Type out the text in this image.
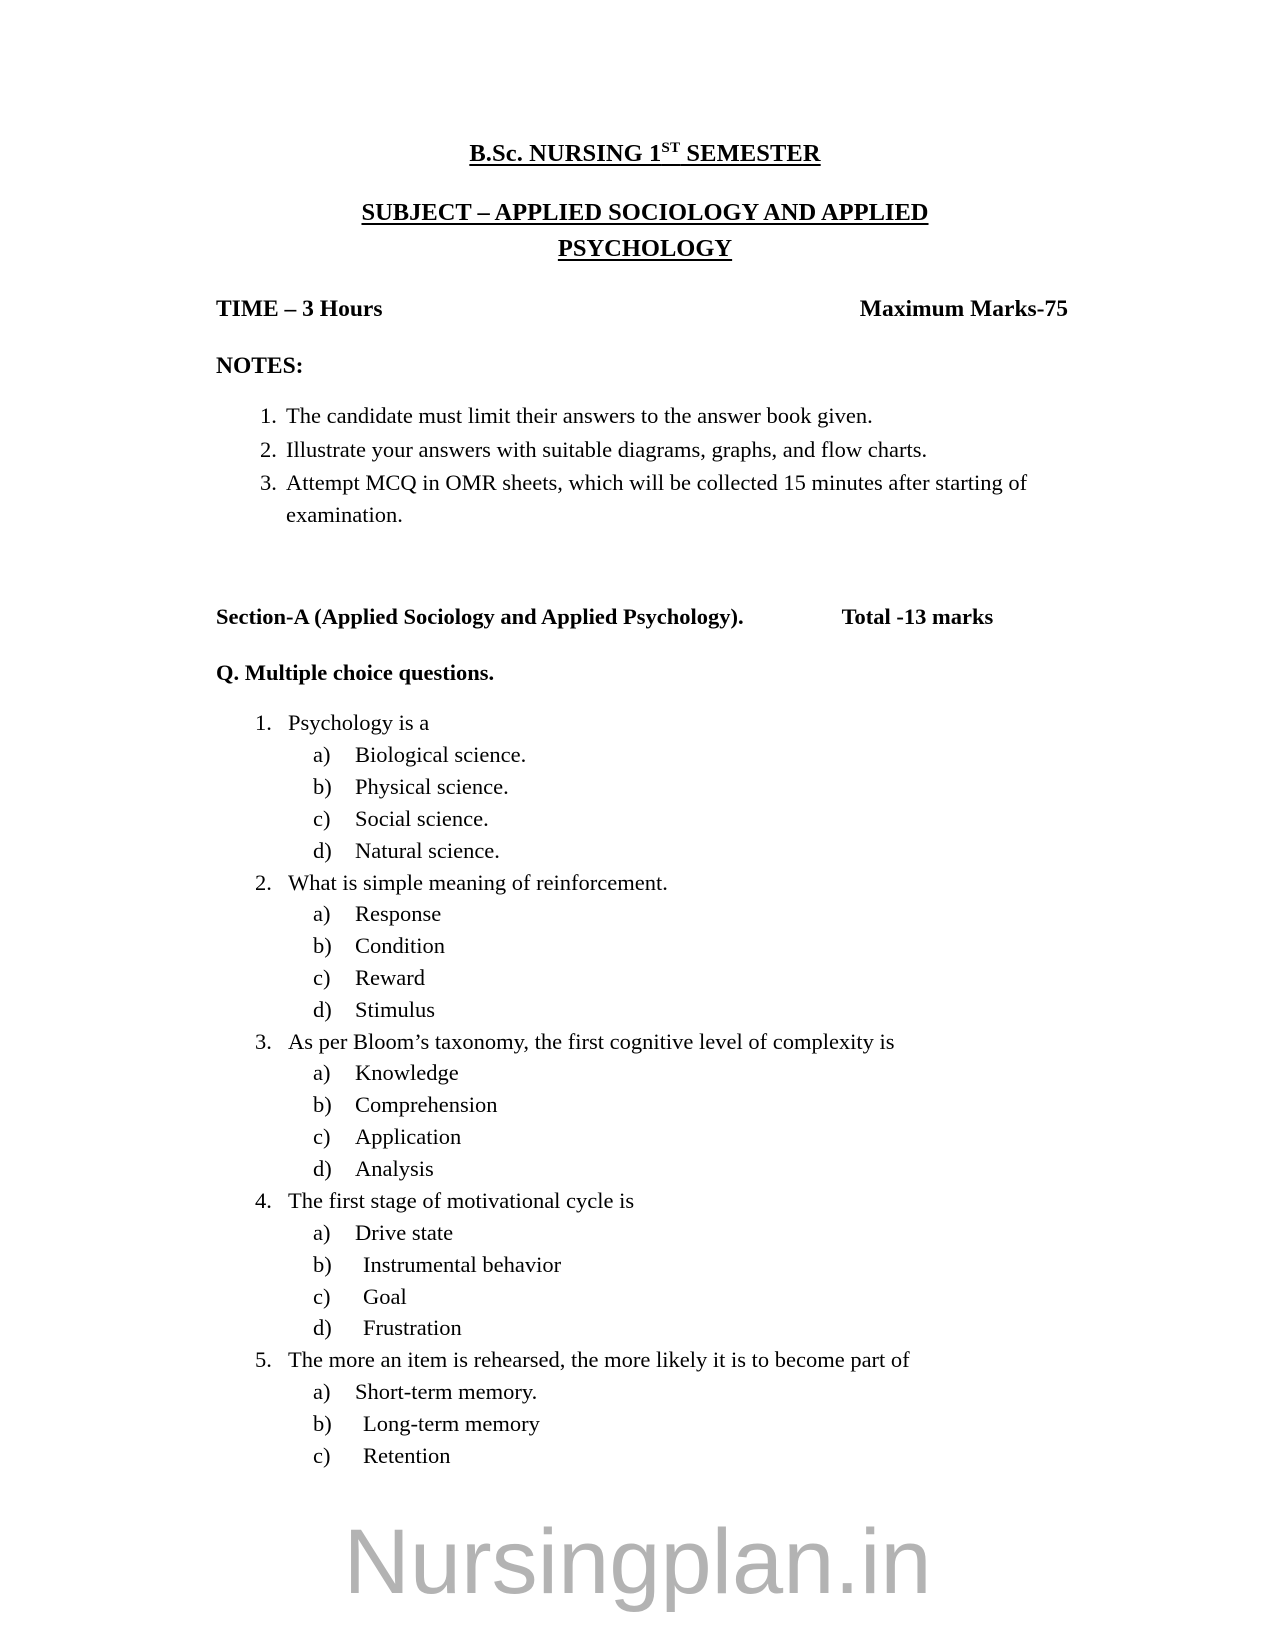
B.Sc. NURSING 1ST SEMESTER
SUBJECT – APPLIED SOCIOLOGY AND APPLIED
PSYCHOLOGY
TIME – 3 Hours	Maximum Marks-75
NOTES:
1. The candidate must limit their answers to the answer book given.
2. Illustrate your answers with suitable diagrams, graphs, and flow charts.
3. Attempt MCQ in OMR sheets, which will be collected 15 minutes after starting of examination.
Section-A (Applied Sociology and Applied Psychology).	Total -13 marks
Q. Multiple choice questions.
1. Psychology is a
a)	Biological science.
b)	Physical science.
c)	Social science.
d)	Natural science.
2. What is simple meaning of reinforcement.
a)	Response
b)	Condition
c)	Reward
d)	Stimulus
3. As per Bloom’s taxonomy, the first cognitive level of complexity is
a)	Knowledge
b)	Comprehension
c)	Application
d)	Analysis
4. The first stage of motivational cycle is
a)	Drive state
b)	Instrumental behavior
c)	Goal
d)	Frustration
5. The more an item is rehearsed, the more likely it is to become part of
a)	Short-term memory.
b)	Long-term memory
c)	Retention
Nursingplan.in
